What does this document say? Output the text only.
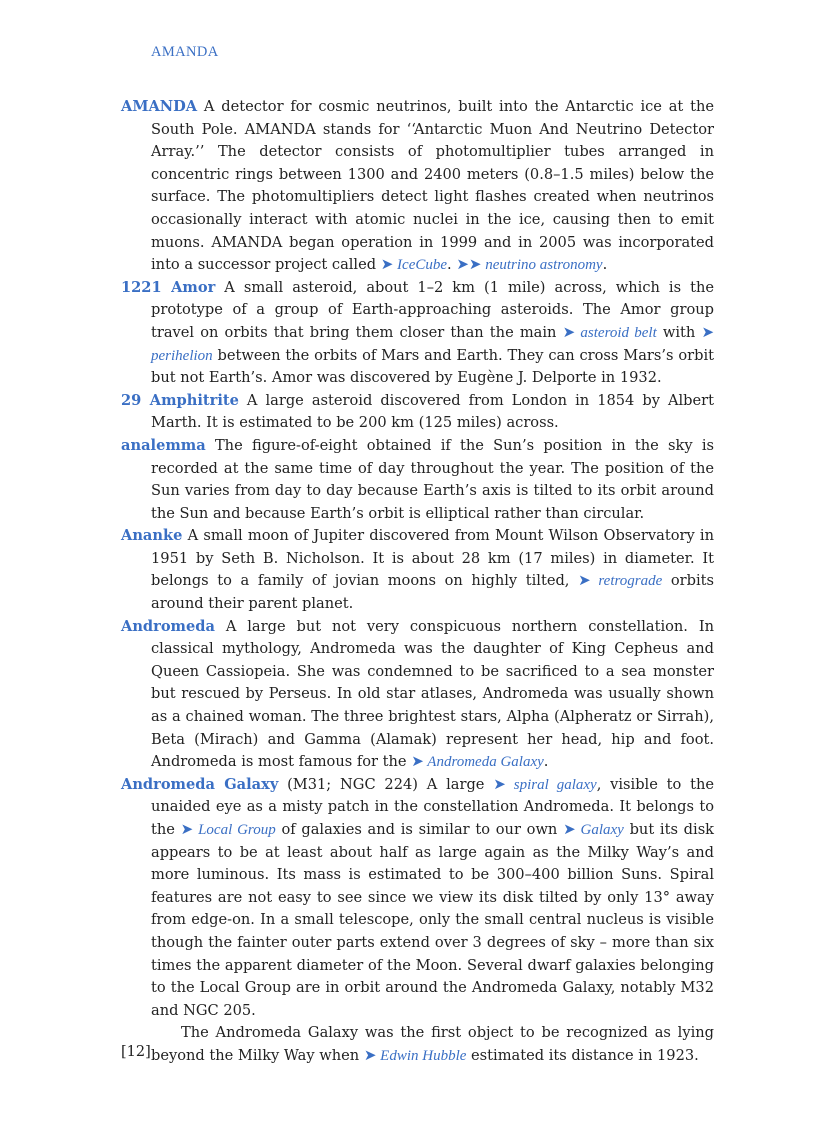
AMANDA

AMANDA A detector for cosmic neutrinos, built into the Antarctic ice at the South Pole. AMANDA stands for ‘‘Antarctic Muon And Neutrino Detector Array.’’ The detector consists of photomultiplier tubes arranged in concentric rings between 1300 and 2400 meters (0.8–1.5 miles) below the surface. The photomultipliers detect light flashes created when neutrinos occasionally interact with atomic nuclei in the ice, causing then to emit muons. AMANDA began operation in 1999 and in 2005 was incorporated into a successor project called ➤ IceCube. ➤➤ neutrino astronomy.

1221 Amor A small asteroid, about 1–2 km (1 mile) across, which is the prototype of a group of Earth-approaching asteroids. The Amor group travel on orbits that bring them closer than the main ➤ asteroid belt with ➤ perihelion between the orbits of Mars and Earth. They can cross Mars’s orbit but not Earth’s. Amor was discovered by Eugène J. Delporte in 1932.

29 Amphitrite A large asteroid discovered from London in 1854 by Albert Marth. It is estimated to be 200 km (125 miles) across.

analemma The figure-of-eight obtained if the Sun’s position in the sky is recorded at the same time of day throughout the year. The position of the Sun varies from day to day because Earth’s axis is tilted to its orbit around the Sun and because Earth’s orbit is elliptical rather than circular.

Ananke A small moon of Jupiter discovered from Mount Wilson Observatory in 1951 by Seth B. Nicholson. It is about 28 km (17 miles) in diameter. It belongs to a family of jovian moons on highly tilted, ➤ retrograde orbits around their parent planet.

Andromeda A large but not very conspicuous northern constellation. In classical mythology, Andromeda was the daughter of King Cepheus and Queen Cassiopeia. She was condemned to be sacrificed to a sea monster but rescued by Perseus. In old star atlases, Andromeda was usually shown as a chained woman. The three brightest stars, Alpha (Alpheratz or Sirrah), Beta (Mirach) and Gamma (Alamak) represent her head, hip and foot. Andromeda is most famous for the ➤ Andromeda Galaxy.

Andromeda Galaxy (M31; NGC 224) A large ➤ spiral galaxy, visible to the unaided eye as a misty patch in the constellation Andromeda. It belongs to the ➤ Local Group of galaxies and is similar to our own ➤ Galaxy but its disk appears to be at least about half as large again as the Milky Way’s and more luminous. Its mass is estimated to be 300–400 billion Suns. Spiral features are not easy to see since we view its disk tilted by only 13° away from edge-on. In a small telescope, only the small central nucleus is visible though the fainter outer parts extend over 3 degrees of sky – more than six times the apparent diameter of the Moon. Several dwarf galaxies belonging to the Local Group are in orbit around the Andromeda Galaxy, notably M32 and NGC 205.

The Andromeda Galaxy was the first object to be recognized as lying beyond the Milky Way when ➤ Edwin Hubble estimated its distance in 1923.

[12]
